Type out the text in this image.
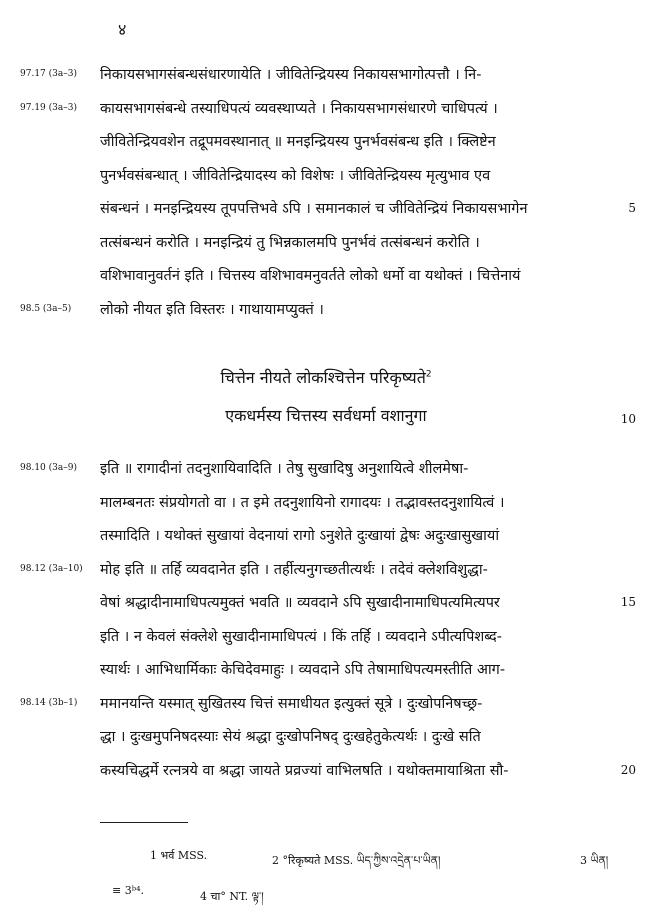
४
97.17 (3a–3) निकायसभागसंबन्धसंधारणायेति । जीवितेन्द्रियस्य निकायसभागोत्पत्तौ । नि-
97.19 (3a–3) कायसभागसंबन्धे तस्याधिपत्यं व्यवस्थाप्यते । निकायसभागसंधारणे चाधिपत्यं ।
जीवितेन्द्रियवशेन तद्रूपमवस्थानात् ॥ मनइन्द्रियस्य पुनर्भवसंबन्ध इति । क्लिष्टेन
पुनर्भवसंबन्धात् । जीवितेन्द्रियादस्य को विशेषः । जीवितेन्द्रियस्य मृत्युभाव एव
संबन्धनं । मनइन्द्रियस्य तूपपत्तिभवे ऽपि । समानकालं च जीवितेन्द्रियं निकायसभागेन	5
तत्संबन्धनं करोति । मनइन्द्रियं तु भिन्नकालमपि पुनर्भवं तत्संबन्धनं करोति ।
वशिभावानुवर्तनं इति । चित्तस्य वशिभावमनुवर्तते लोको धर्मो वा यथोक्तं । चित्तेनायं
98.5 (3a–5) लोको नीयत इति विस्तरः । गाथायामप्युक्तं ।
चित्तेन नीयते लोकश्चित्तेन परिकृष्यते$^2$
एकधर्मस्य चित्तस्य सर्वधर्मा वशानुगा	10
98.10 (3a–9) इति ॥ रागादीनां तदनुशायिवादिति । तेषु सुखादिषु अनुशायित्वे शीलमेषा-
मालम्बनतः संप्रयोगतो वा । त इमे तदनुशायिनो रागादयः । तद्भावस्तदनुशायित्वं ।
तस्मादिति । यथोक्तं सुखायां वेदनायां रागो ऽनुशेते दुःखायां द्वेषः अदुःखासुखायां
98.12 (3a–10) मोह इति ॥ तर्हि व्यवदानेत इति । तर्हीत्यनुगच्छतीत्यर्थः । तदेवं क्लेशविशुद्धा-
वेषां श्रद्धादीनामाधिपत्यमुक्तं भवति ॥ व्यवदाने ऽपि सुखादीनामाधिपत्यमित्यपर	15
इति । न केवलं संक्लेशे सुखादीनामाधिपत्यं । किं तर्हि । व्यवदाने ऽपीत्यपिशब्द-
स्यार्थः । आभिधार्मिकाः केचिदेवमाहुः । व्यवदाने ऽपि तेषामाधिपत्यमस्तीति आग-
98.14 (3b–1) ममानयन्ति यस्मात् सुखितस्य चित्तं समाधीयत इत्युक्तं सूत्रे । दुःखोपनिषच्छ्र-
द्धा । दुःखमुपनिषदस्याः सेयं श्रद्धा दुःखोपनिषद् दुःखहेतुकेत्यर्थः । दुःखे सति
कस्यचिद्धर्मे रत्नत्रये वा श्रद्धा जायते प्रव्रज्यां वाभिलषति । यथोक्तमायाश्रिता सौ-	20
1 भर्व MSS.	2 °रिकृष्यते MSS. ཡིད་ཀྱིས་འདྲེན་པ་ཡིན།	3 ཡིན།
≡ 3ᵇ⁴.	4 चा° NT. ལྟ་།
